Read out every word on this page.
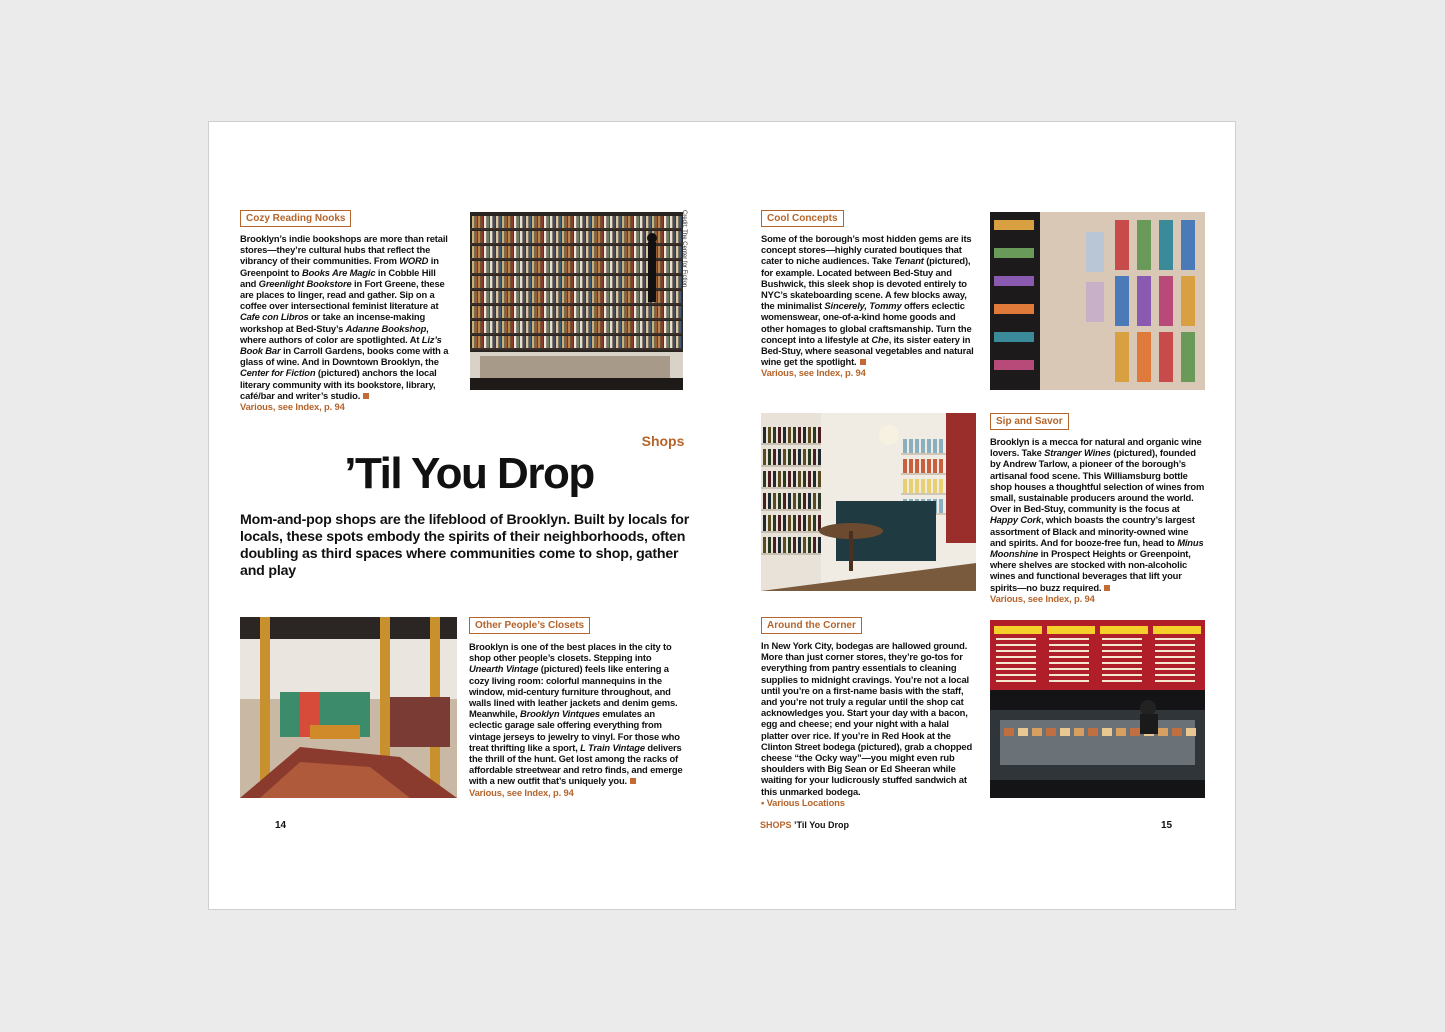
Cozy Reading Nooks
Brooklyn’s indie bookshops are more than retail stores—they’re cultural hubs that reflect the vibrancy of their communities. From WORD in Greenpoint to Books Are Magic in Cobble Hill and Greenlight Bookstore in Fort Greene, these are places to linger, read and gather. Sip on a coffee over intersectional feminist literature at Cafe con Libros or take an incense-making workshop at Bed-Stuy’s Adanne Bookshop, where authors of color are spotlighted. At Liz’s Book Bar in Carroll Gardens, books come with a glass of wine. And in Downtown Brooklyn, the Center for Fiction (pictured) anchors the local literary community with its bookstore, library, café/bar and writer’s studio.
Various, see Index, p. 94
Credit: The Center for Fiction
Shops
’Til You Drop
Mom-and-pop shops are the lifeblood of Brooklyn. Built by locals for locals, these spots embody the spirits of their neighborhoods, often doubling as third spaces where communities come to shop, gather and play
Other People’s Closets
Brooklyn is one of the best places in the city to shop other people’s closets. Stepping into Unearth Vintage (pictured) feels like entering a cozy living room: colorful mannequins in the window, mid-century furniture throughout, and walls lined with leather jackets and denim gems. Meanwhile, Brooklyn Vintques emulates an eclectic garage sale offering everything from vintage jerseys to jewelry to vinyl. For those who treat thrifting like a sport, L Train Vintage delivers the thrill of the hunt. Get lost among the racks of affordable streetwear and retro finds, and emerge with a new outfit that’s uniquely you.
Various, see Index, p. 94
14
Cool Concepts
Some of the borough’s most hidden gems are its concept stores—highly curated boutiques that cater to niche audiences. Take Tenant (pictured), for example. Located between Bed-Stuy and Bushwick, this sleek shop is devoted entirely to NYC’s skateboarding scene. A few blocks away, the minimalist Sincerely, Tommy offers eclectic womenswear, one-of-a-kind home goods and other homages to global craftsmanship. Turn the concept into a lifestyle at Che, its sister eatery in Bed-Stuy, where seasonal vegetables and natural wine get the spotlight.
Various, see Index, p. 94
Sip and Savor
Brooklyn is a mecca for natural and organic wine lovers. Take Stranger Wines (pictured), founded by Andrew Tarlow, a pioneer of the borough’s artisanal food scene. This Williamsburg bottle shop houses a thoughtful selection of wines from small, sustainable producers around the world. Over in Bed-Stuy, community is the focus at Happy Cork, which boasts the country’s largest assortment of Black and minority-owned wine and spirits. And for booze-free fun, head to Minus Moonshine in Prospect Heights or Greenpoint, where shelves are stocked with non-alcoholic wines and functional beverages that lift your spirits—no buzz required.
Various, see Index, p. 94
Around the Corner
In New York City, bodegas are hallowed ground. More than just corner stores, they’re go-tos for everything from pantry essentials to cleaning supplies to midnight cravings. You’re not a local until you’re on a first-name basis with the staff, and you’re not truly a regular until the shop cat acknowledges you. Start your day with a bacon, egg and cheese; end your night with a halal platter over rice. If you’re in Red Hook at the Clinton Street bodega (pictured), grab a chopped cheese “the Ocky way”—you might even rub shoulders with Big Sean or Ed Sheeran while waiting for your ludicrously stuffed sandwich at this unmarked bodega.
• Various Locations
SHOPS ’Til You Drop	15
